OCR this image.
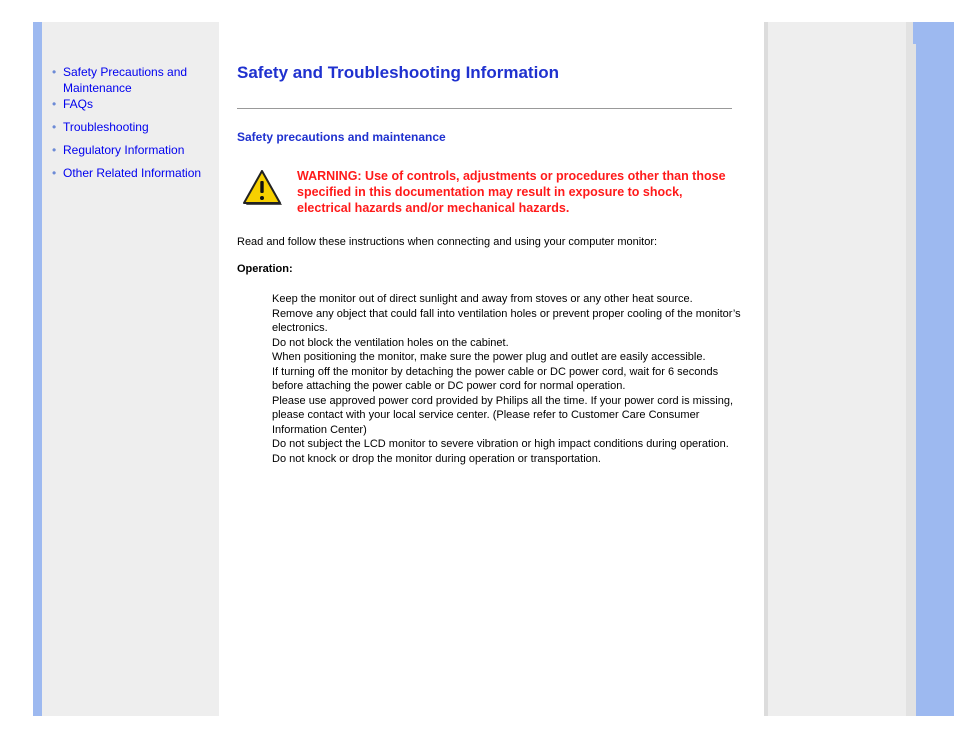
• Safety Precautions and Maintenance
• FAQs
• Troubleshooting
• Regulatory Information
• Other Related Information
Safety and Troubleshooting Information
Safety precautions and maintenance
WARNING: Use of controls, adjustments or procedures other than those specified in this documentation may result in exposure to shock, electrical hazards and/or mechanical hazards.
Read and follow these instructions when connecting and using your computer monitor:
Operation:
Keep the monitor out of direct sunlight and away from stoves or any other heat source.
Remove any object that could fall into ventilation holes or prevent proper cooling of the monitor’s electronics.
Do not block the ventilation holes on the cabinet.
When positioning the monitor, make sure the power plug and outlet are easily accessible.
If turning off the monitor by detaching the power cable or DC power cord, wait for 6 seconds before attaching the power cable or DC power cord for normal operation.
Please use approved power cord provided by Philips all the time. If your power cord is missing, please contact with your local service center. (Please refer to Customer Care Consumer Information Center)
Do not subject the LCD monitor to severe vibration or high impact conditions during operation.
Do not knock or drop the monitor during operation or transportation.
